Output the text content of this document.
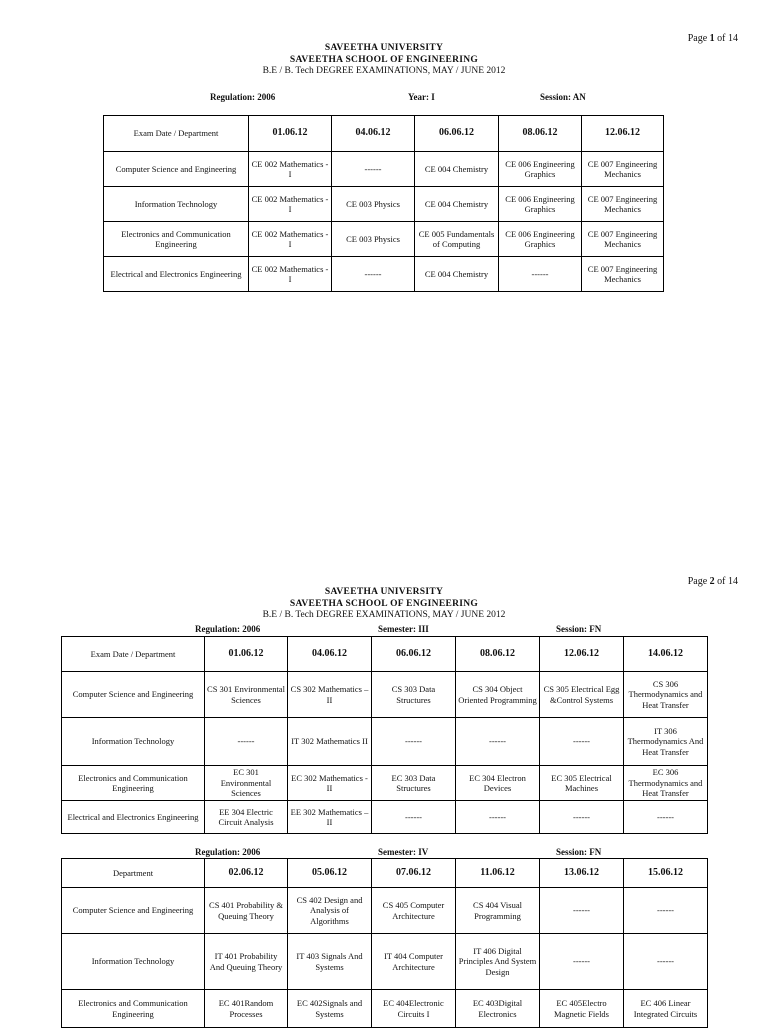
Page 1 of 14
SAVEETHA UNIVERSITY
SAVEETHA SCHOOL OF ENGINEERING
B.E / B. Tech DEGREE EXAMINATIONS, MAY / JUNE 2012
Regulation: 2006	Year: I	Session: AN
Exam Date / Department	01.06.12	04.06.12	06.06.12	08.06.12	12.06.12
Computer Science and Engineering	CE 002 Mathematics - I	------	CE 004 Chemistry	CE 006 Engineering Graphics	CE 007 Engineering Mechanics
Information Technology	CE 002 Mathematics - I	CE 003 Physics	CE 004 Chemistry	CE 006 Engineering Graphics	CE 007 Engineering Mechanics
Electronics and Communication Engineering	CE 002 Mathematics - I	CE 003 Physics	CE 005 Fundamentals of Computing	CE 006 Engineering Graphics	CE 007 Engineering Mechanics
Electrical and Electronics Engineering	CE 002 Mathematics - I	------	CE 004 Chemistry	------	CE 007 Engineering Mechanics
Page 2 of 14
SAVEETHA UNIVERSITY
SAVEETHA SCHOOL OF ENGINEERING
B.E / B. Tech DEGREE EXAMINATIONS, MAY / JUNE 2012
Regulation: 2006	Semester: III	Session: FN
Exam Date / Department	01.06.12	04.06.12	06.06.12	08.06.12	12.06.12	14.06.12
Computer Science and Engineering	CS 301 Environmental Sciences	CS 302 Mathematics – II	CS 303 Data Structures	CS 304 Object Oriented Programming	CS 305 Electrical Egg &Control Systems	CS 306 Thermodynamics and Heat Transfer
Information Technology	------	IT 302 Mathematics II	------	------	------	IT 306 Thermodynamics And Heat Transfer
Electronics and Communication Engineering	EC 301 Environmental Sciences	EC 302 Mathematics - II	EC 303 Data Structures	EC 304 Electron Devices	EC 305 Electrical Machines	EC 306 Thermodynamics and Heat Transfer
Electrical and Electronics Engineering	EE 304 Electric Circuit Analysis	EE 302 Mathematics – II	------	------	------	------
Regulation: 2006	Semester: IV	Session: FN
Department	02.06.12	05.06.12	07.06.12	11.06.12	13.06.12	15.06.12
Computer Science and Engineering	CS 401 Probability & Queuing Theory	CS 402 Design and Analysis of Algorithms	CS 405 Computer Architecture	CS 404 Visual Programming	------	------
Information Technology	IT 401 Probability And Queuing Theory	IT 403 Signals And Systems	IT 404 Computer Architecture	IT 406 Digital Principles And System Design	------	------
Electronics and Communication Engineering	EC 401Random Processes	EC 402Signals and Systems	EC 404Electronic Circuits I	EC 403Digital Electronics	EC 405Electro Magnetic Fields	EC 406 Linear Integrated Circuits
